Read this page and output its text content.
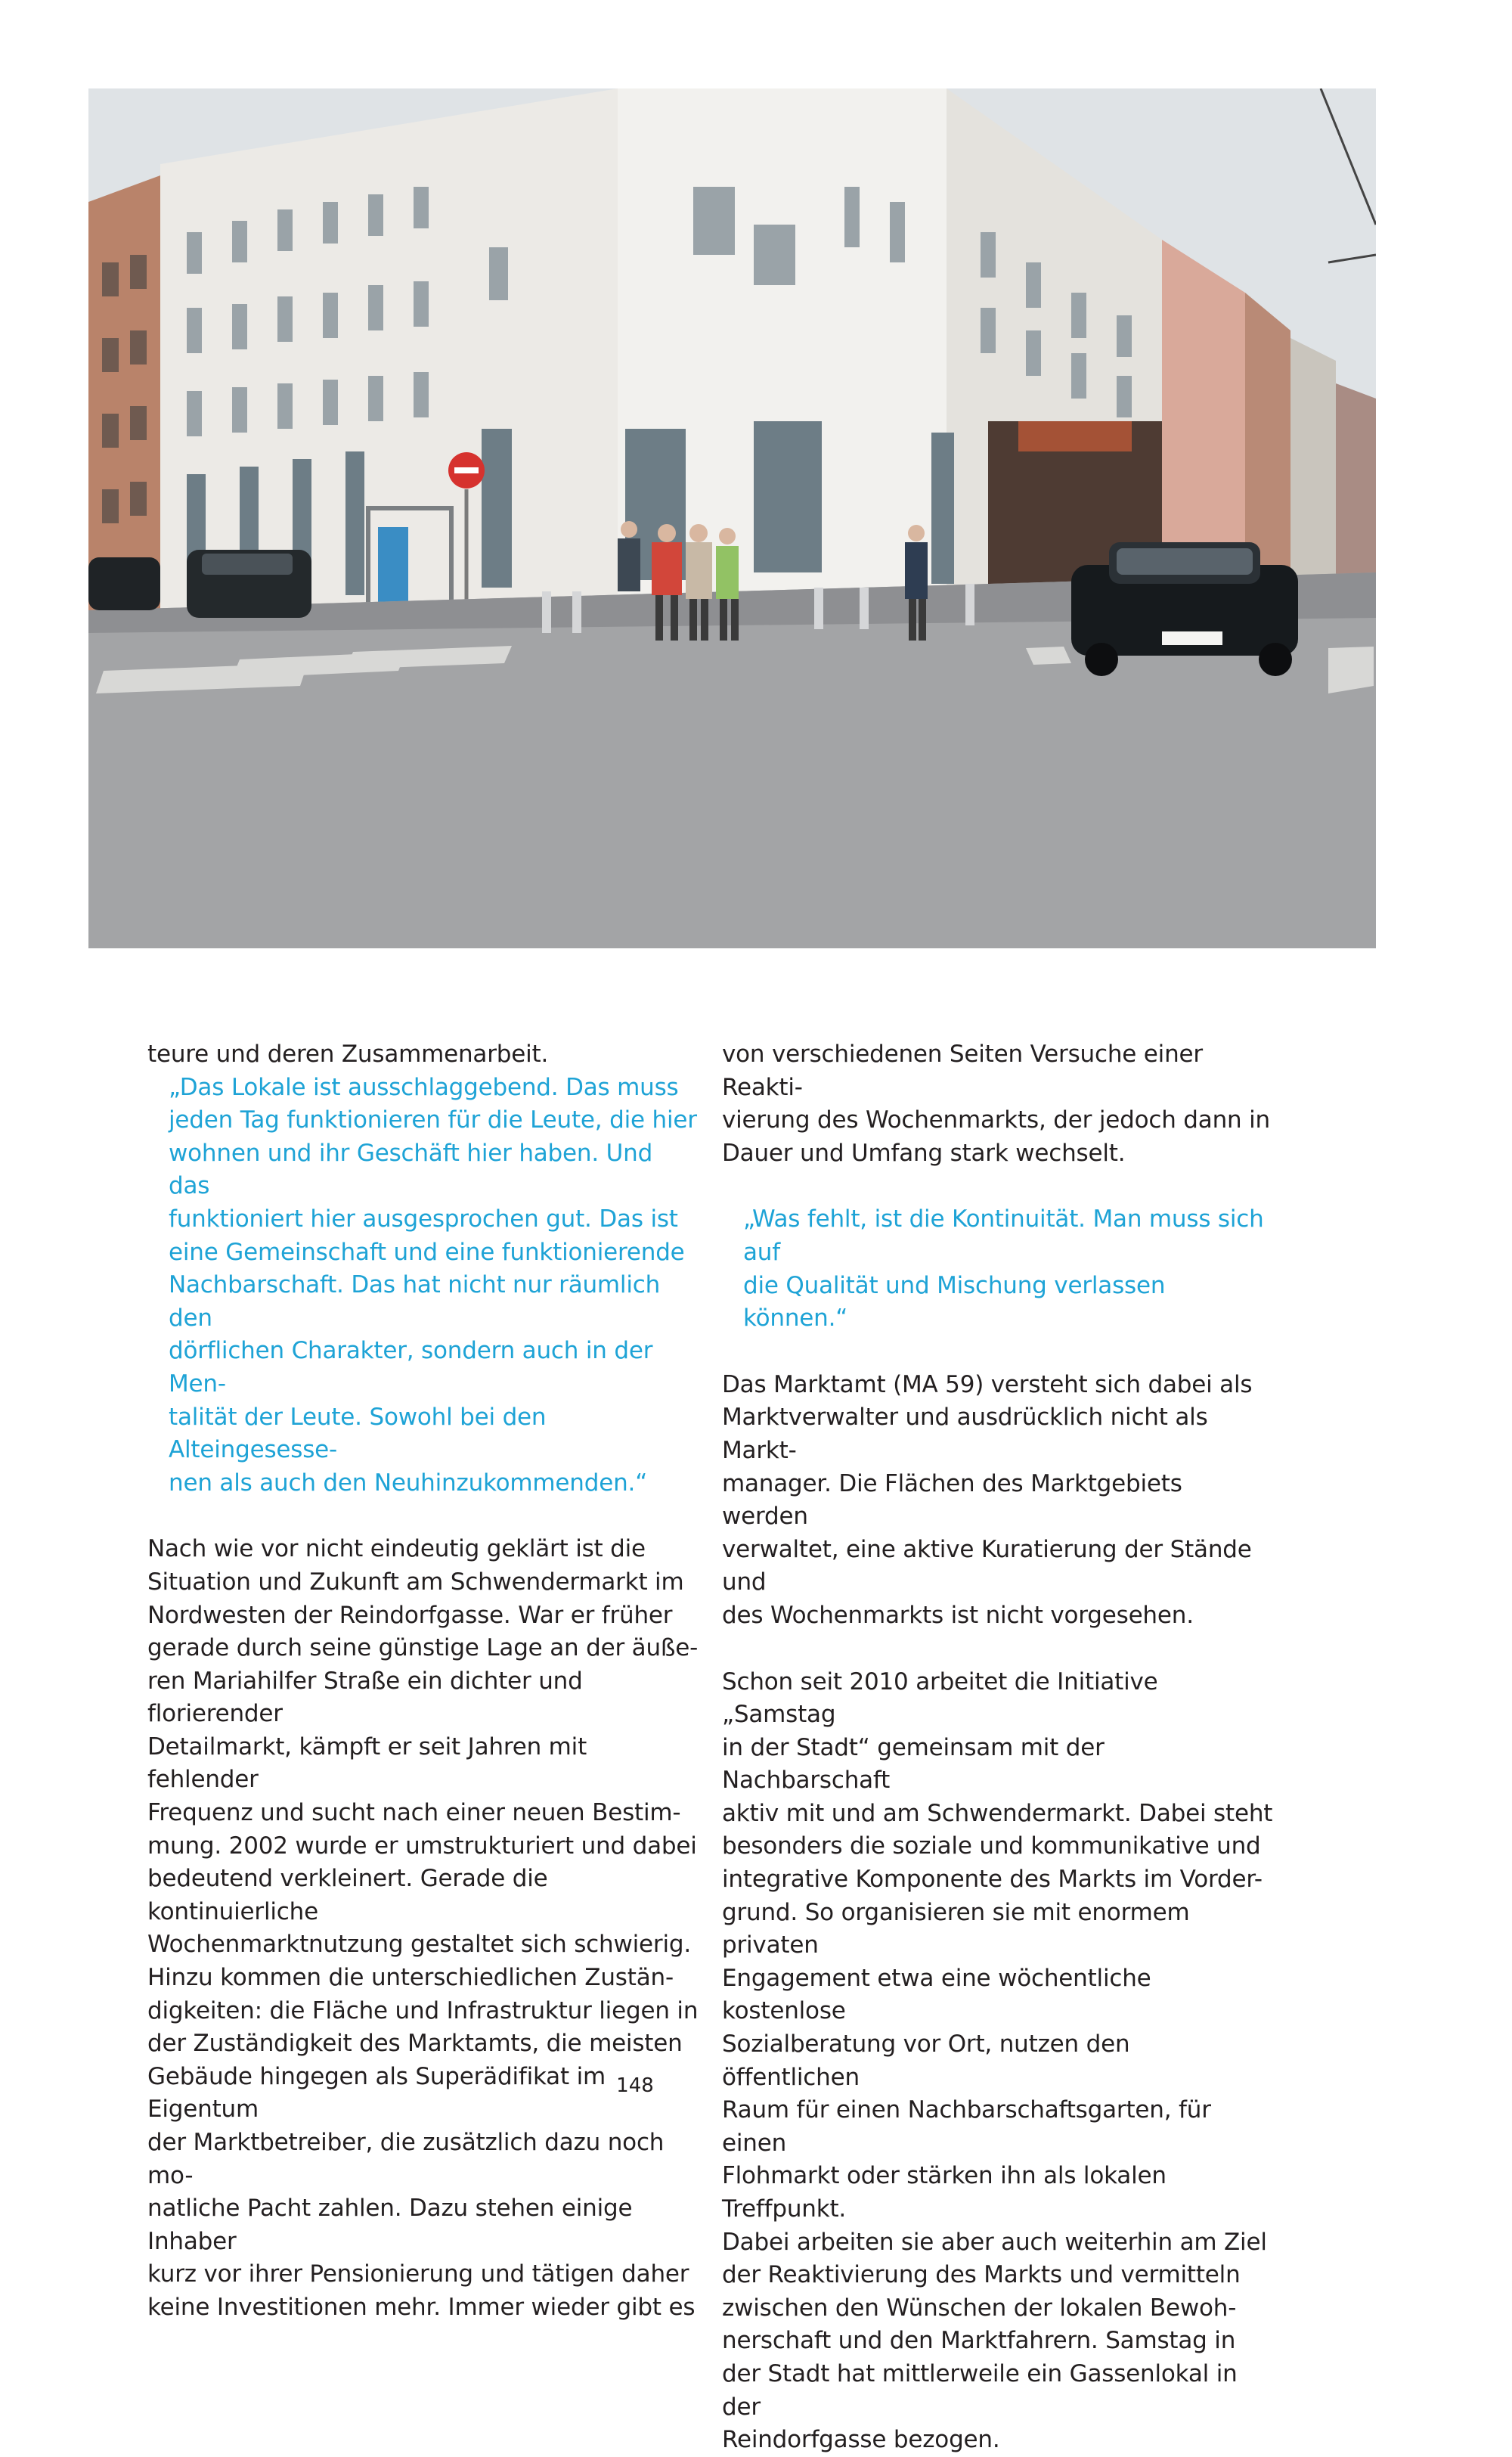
teure und deren Zusammenarbeit.

„Das Lokale ist ausschlaggebend. Das muss

jeden Tag funktionieren für die Leute, die hier

wohnen und ihr Geschäft hier haben. Und das

funktioniert hier ausgesprochen gut. Das ist

eine Gemeinschaft und eine funktionierende

Nachbarschaft. Das hat nicht nur räumlich den

dörflichen Charakter, sondern auch in der Men-

talität der Leute. Sowohl bei den Alteingesesse-

nen als auch den Neuhinzukommenden.“

Nach wie vor nicht eindeutig geklärt ist die

Situation und Zukunft am Schwendermarkt im

Nordwesten der Reindorfgasse. War er früher

gerade durch seine günstige Lage an der äuße-

ren Mariahilfer Straße ein dichter und florierender

Detailmarkt, kämpft er seit Jahren mit fehlender

Frequenz und sucht nach einer neuen Bestim-

mung. 2002 wurde er umstrukturiert und dabei

bedeutend verkleinert. Gerade die kontinuierliche

Wochenmarktnutzung gestaltet sich schwierig.

Hinzu kommen die unterschiedlichen Zustän-

digkeiten: die Fläche und Infrastruktur liegen in

der Zuständigkeit des Marktamts, die meisten

Gebäude hingegen als Superädifikat im Eigentum

der Marktbetreiber, die zusätzlich dazu noch mo-

natliche Pacht zahlen. Dazu stehen einige Inhaber

kurz vor ihrer Pensionierung und tätigen daher

keine Investitionen mehr. Immer wieder gibt es

von verschiedenen Seiten Versuche einer Reakti-

vierung des Wochenmarkts, der jedoch dann in

Dauer und Umfang stark wechselt.

„Was fehlt, ist die Kontinuität. Man muss sich auf

die Qualität und Mischung verlassen können.“

Das Marktamt (MA 59) versteht sich dabei als

Marktverwalter und ausdrücklich nicht als Markt-

manager. Die Flächen des Marktgebiets werden

verwaltet, eine aktive Kuratierung der Stände und

des Wochenmarkts ist nicht vorgesehen.

Schon seit 2010 arbeitet die Initiative „Samstag

in der Stadt“ gemeinsam mit der Nachbarschaft

aktiv mit und am Schwendermarkt. Dabei steht

besonders die soziale und kommunikative und

integrative Komponente des Markts im Vorder-

grund. So organisieren sie mit enormem privaten

Engagement etwa eine wöchentliche kostenlose

Sozialberatung vor Ort, nutzen den öffentlichen

Raum für einen Nachbarschaftsgarten, für einen

Flohmarkt oder stärken ihn als lokalen Treffpunkt.

Dabei arbeiten sie aber auch weiterhin am Ziel

der Reaktivierung des Markts und vermitteln

zwischen den Wünschen der lokalen Bewoh-

nerschaft und den Marktfahrern. Samstag in

der Stadt hat mittlerweile ein Gassenlokal in der

Reindorfgasse bezogen.

148
